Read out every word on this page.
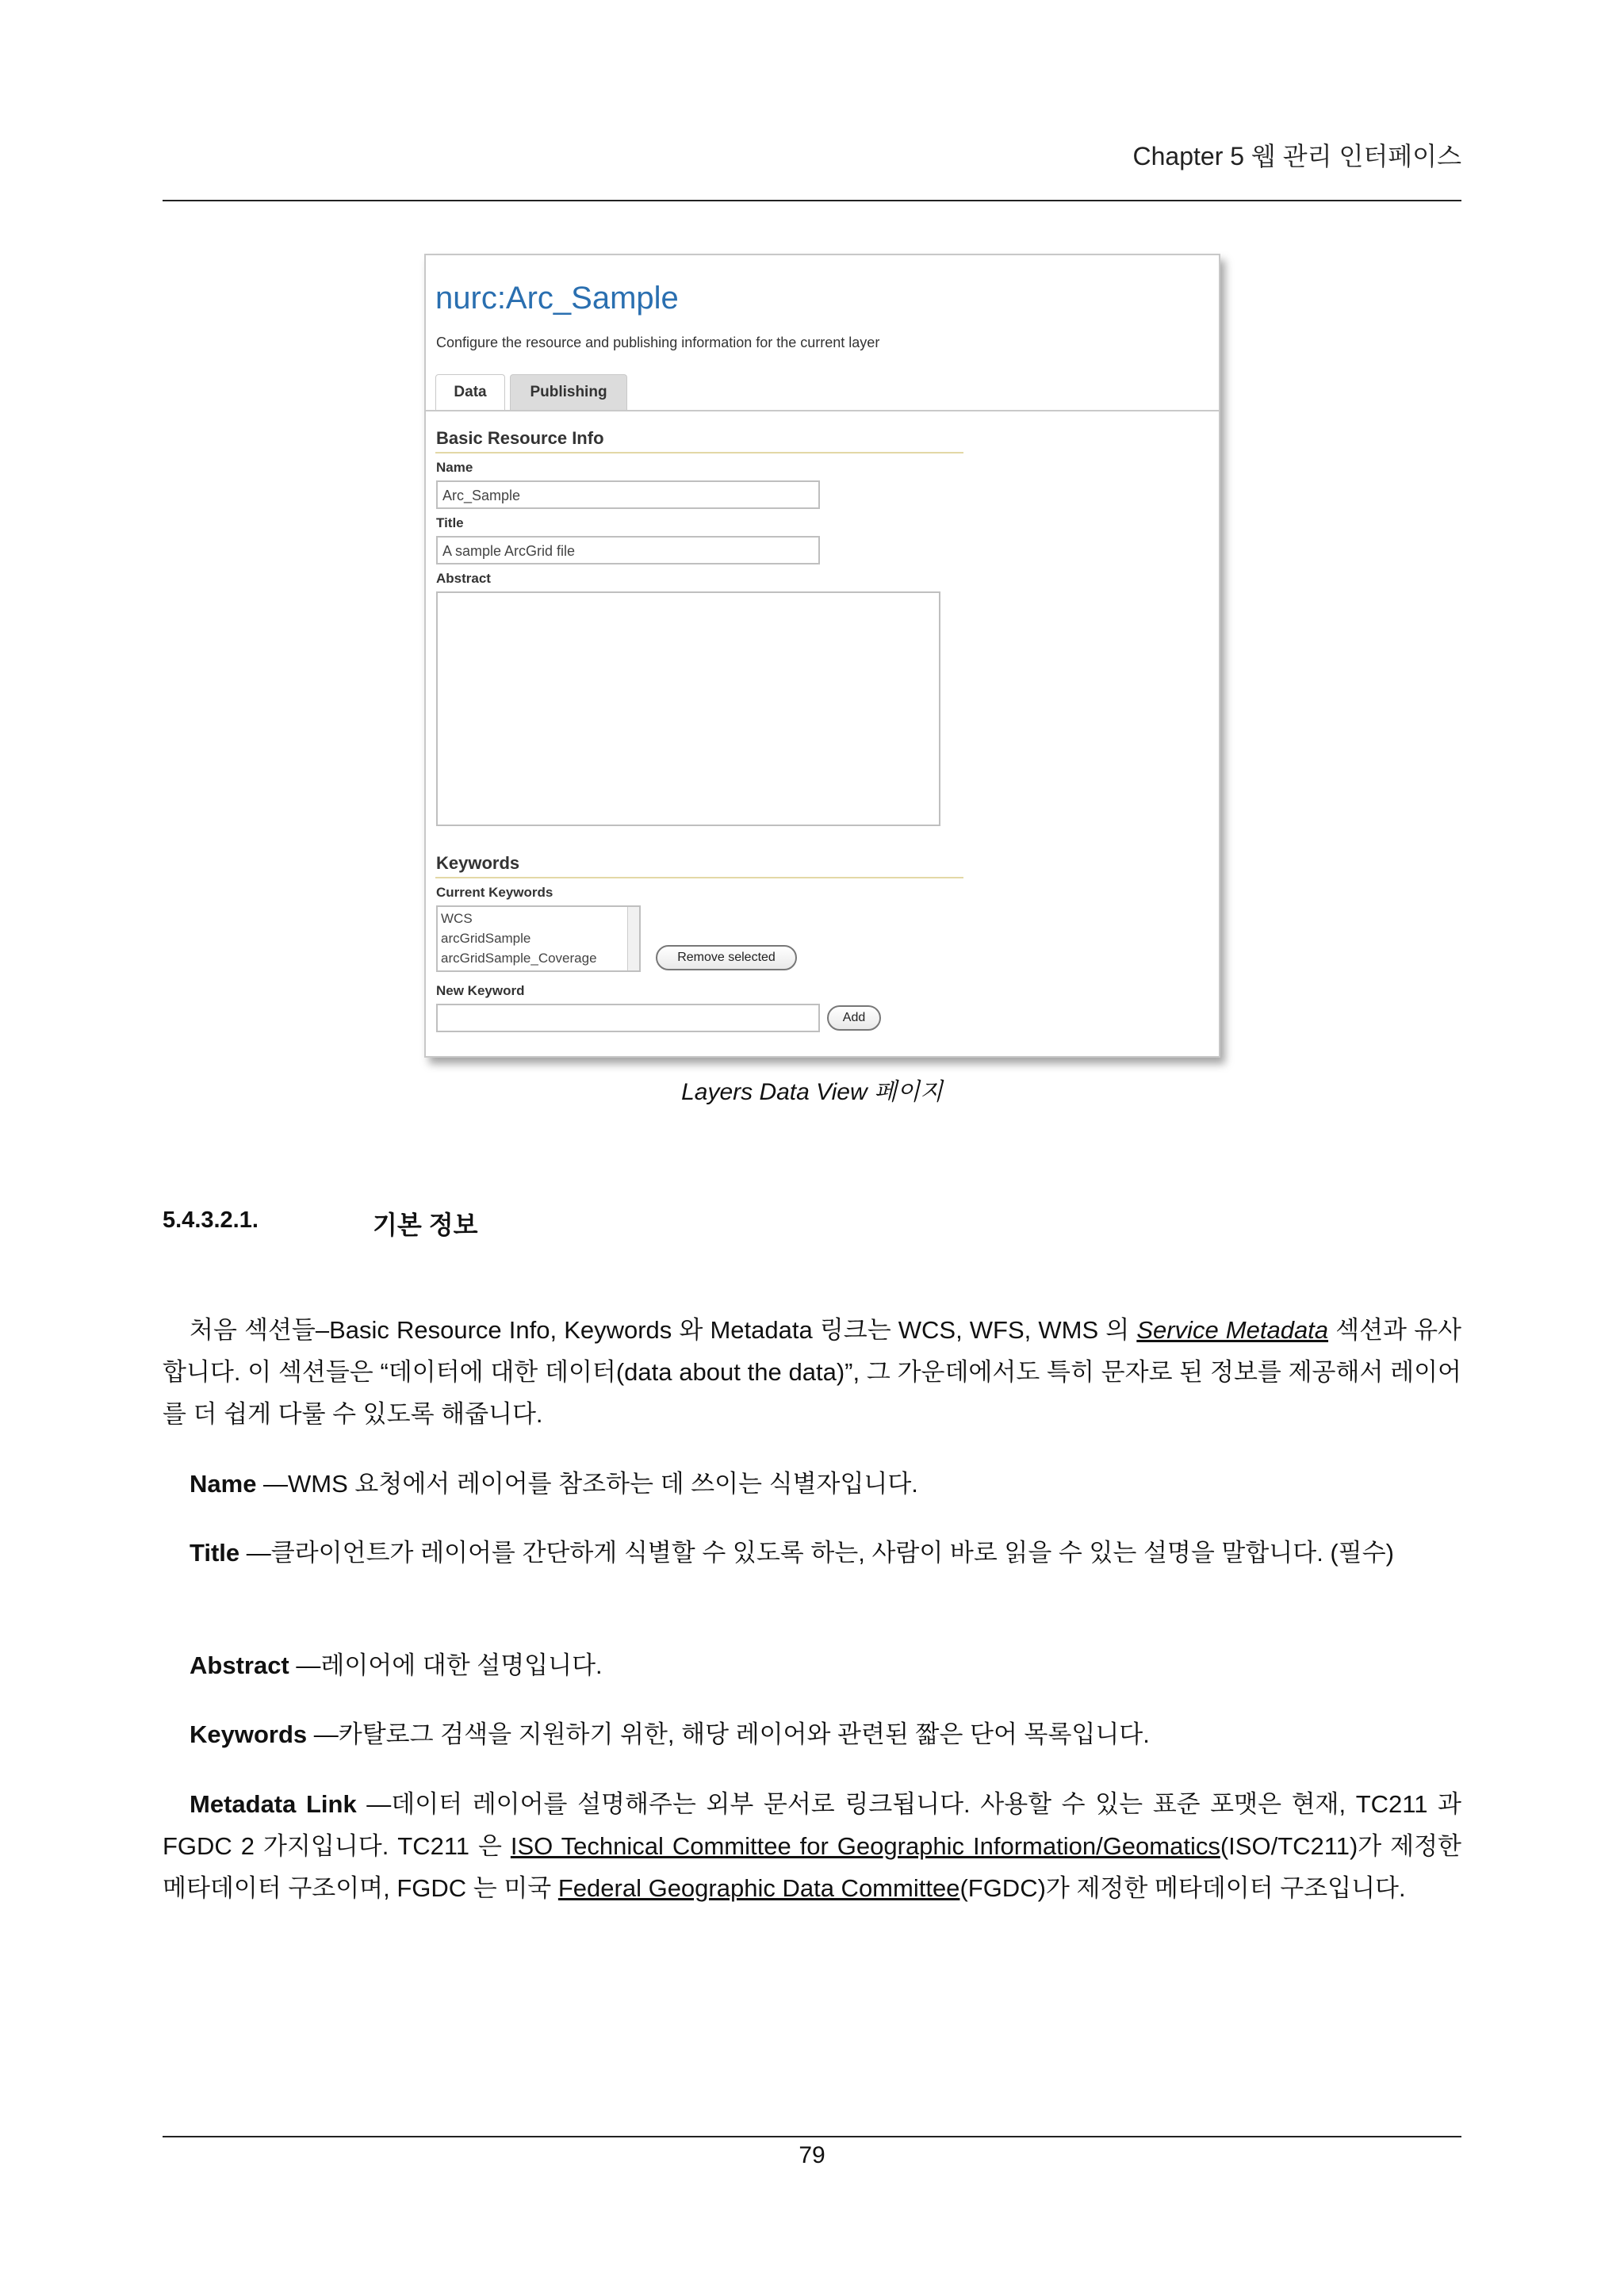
Chapter 5 웹 관리 인터페이스
nurc:Arc_Sample
Configure the resource and publishing information for the current layer
Data	Publishing
Basic Resource Info
Name
Arc_Sample
Title
A sample ArcGrid file
Abstract
Keywords
Current Keywords
WCS
arcGridSample
arcGridSample_Coverage	Remove selected
New Keyword
Add
Layers Data View 페이지
5.4.3.2.1.	기본 정보
처음 섹션들–Basic Resource Info, Keywords 와 Metadata 링크는 WCS, WFS, WMS 의 Service Metadata 섹션과 유사합니다. 이 섹션들은 “데이터에 대한 데이터(data about the data)”, 그 가운데에서도 특히 문자로 된 정보를 제공해서 레이어를 더 쉽게 다룰 수 있도록 해줍니다.
Name —WMS 요청에서 레이어를 참조하는 데 쓰이는 식별자입니다.
Title —클라이언트가 레이어를 간단하게 식별할 수 있도록 하는, 사람이 바로 읽을 수 있는 설명을 말합니다. (필수)
Abstract —레이어에 대한 설명입니다.
Keywords —카탈로그 검색을 지원하기 위한, 해당 레이어와 관련된 짧은 단어 목록입니다.
Metadata Link —데이터 레이어를 설명해주는 외부 문서로 링크됩니다. 사용할 수 있는 표준 포맷은 현재, TC211 과 FGDC 2 가지입니다. TC211 은 ISO Technical Committee for Geographic Information/Geomatics(ISO/TC211)가 제정한 메타데이터 구조이며, FGDC 는 미국 Federal Geographic Data Committee(FGDC)가 제정한 메타데이터 구조입니다.
79
